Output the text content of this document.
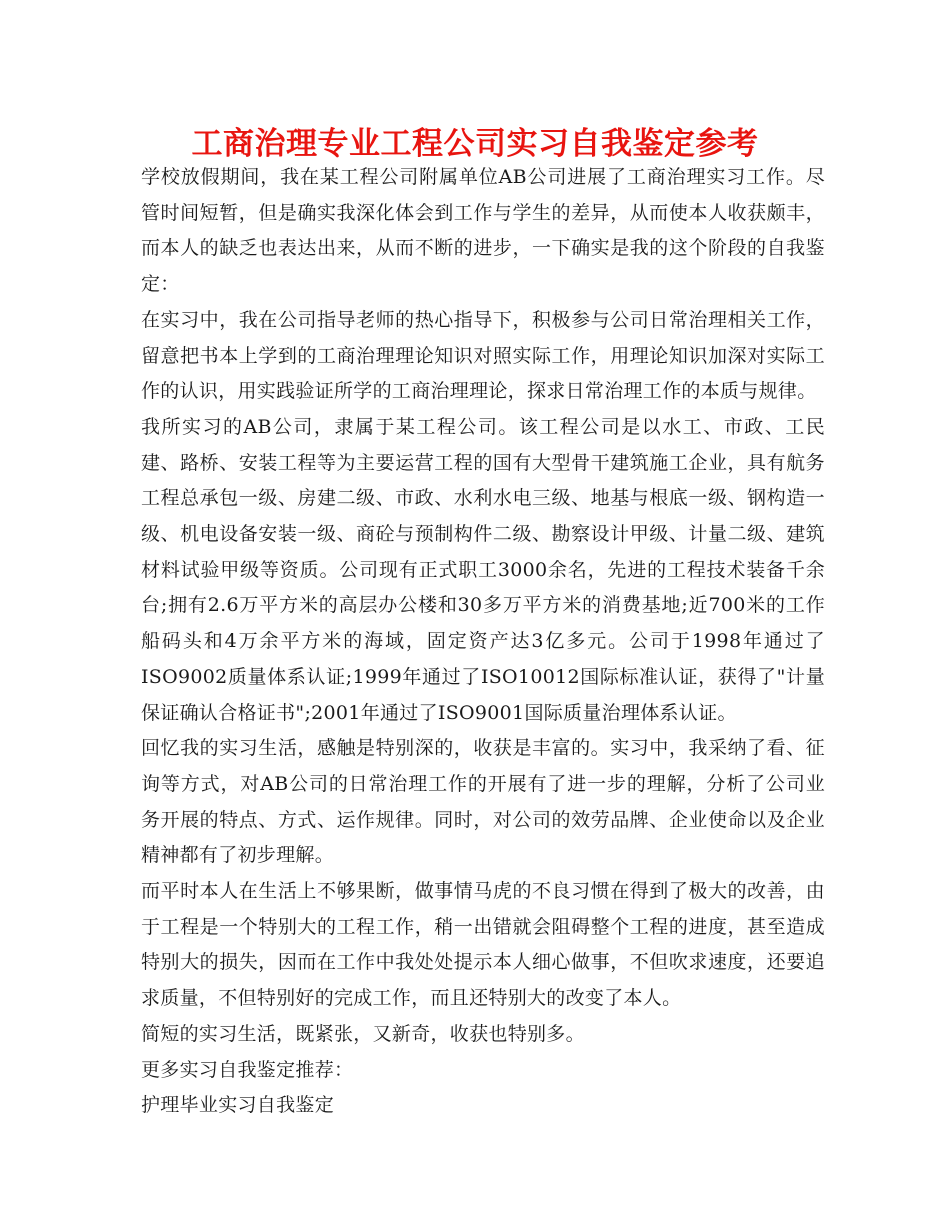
工商治理专业工程公司实习自我鉴定参考

学校放假期间，我在某工程公司附属单位AB公司进展了工商治理实习工作。尽管时间短暂，但是确实我深化体会到工作与学生的差异，从而使本人收获颇丰，而本人的缺乏也表达出来，从而不断的进步，一下确实是我的这个阶段的自我鉴定：

在实习中，我在公司指导老师的热心指导下，积极参与公司日常治理相关工作，留意把书本上学到的工商治理理论知识对照实际工作，用理论知识加深对实际工作的认识，用实践验证所学的工商治理理论，探求日常治理工作的本质与规律。

我所实习的AB公司，隶属于某工程公司。该工程公司是以水工、市政、工民建、路桥、安装工程等为主要运营工程的国有大型骨干建筑施工企业，具有航务工程总承包一级、房建二级、市政、水利水电三级、地基与根底一级、钢构造一级、机电设备安装一级、商砼与预制构件二级、勘察设计甲级、计量二级、建筑材料试验甲级等资质。公司现有正式职工3000余名，先进的工程技术装备千余台;拥有2.6万平方米的高层办公楼和30多万平方米的消费基地;近700米的工作船码头和4万余平方米的海域，固定资产达3亿多元。公司于1998年通过了ISO9002质量体系认证;1999年通过了ISO10012国际标准认证，获得了"计量保证确认合格证书";2001年通过了ISO9001国际质量治理体系认证。

回忆我的实习生活，感触是特别深的，收获是丰富的。实习中，我采纳了看、征询等方式，对AB公司的日常治理工作的开展有了进一步的理解，分析了公司业务开展的特点、方式、运作规律。同时，对公司的效劳品牌、企业使命以及企业精神都有了初步理解。

而平时本人在生活上不够果断，做事情马虎的不良习惯在得到了极大的改善，由于工程是一个特别大的工程工作，稍一出错就会阻碍整个工程的进度，甚至造成特别大的损失，因而在工作中我处处提示本人细心做事，不但吹求速度，还要追求质量，不但特别好的完成工作，而且还特别大的改变了本人。

简短的实习生活，既紧张，又新奇，收获也特别多。

更多实习自我鉴定推荐：

护理毕业实习自我鉴定
